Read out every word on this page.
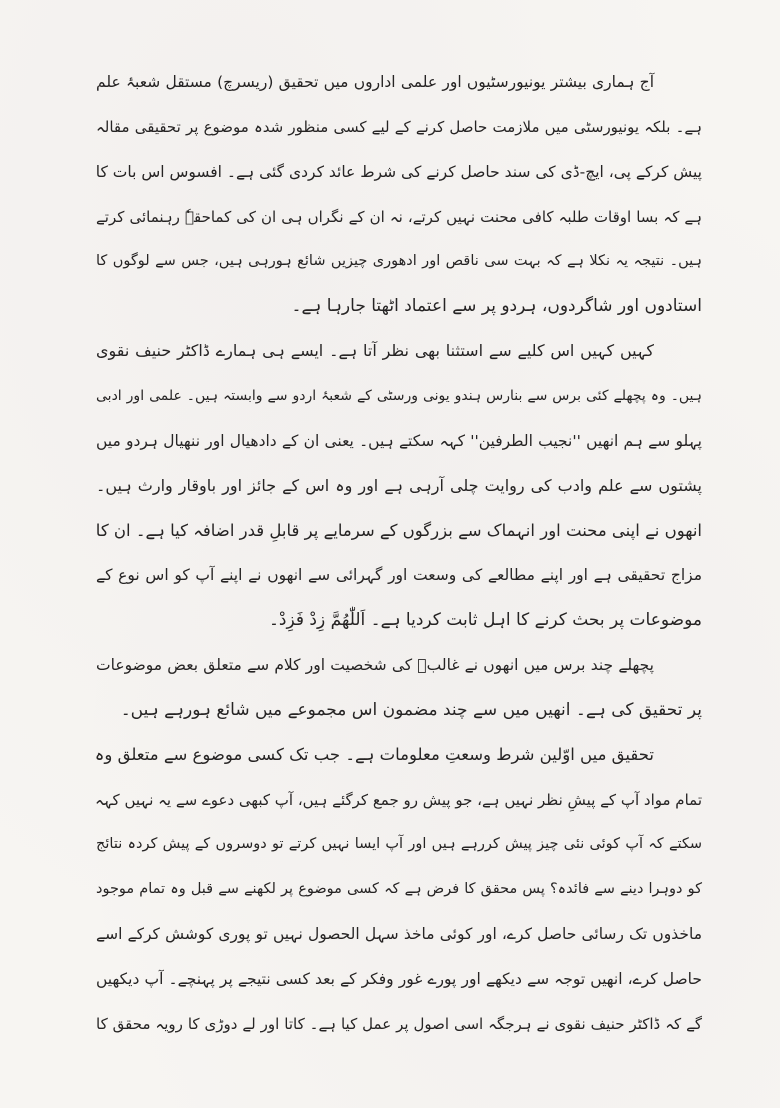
آج ہماری بیشتر یونیورسٹیوں اور علمی اداروں میں تحقیق (ریسرچ) مستقل شعبۂ علم
ہے۔ بلکہ یونیورسٹی میں ملازمت حاصل کرنے کے لیے کسی منظور شدہ موضوع پر تحقیقی مقالہ
پیش کرکے پی، ایچ-ڈی کی سند حاصل کرنے کی شرط عائد کردی گئی ہے۔ افسوس اس بات کا
ہے کہ بسا اوقات طلبہ کافی محنت نہیں کرتے، نہ ان کے نگراں ہی ان کی کماحقہٗ رہنمائی کرتے
ہیں۔ نتیجہ یہ نکلا ہے کہ بہت سی ناقص اور ادھوری چیزیں شائع ہورہی ہیں، جس سے لوگوں کا
استادوں اور شاگردوں، ہردو پر سے اعتماد اٹھتا جارہا ہے۔
کہیں کہیں اس کلیے سے استثنا بھی نظر آتا ہے۔ ایسے ہی ہمارے ڈاکٹر حنیف نقوی
ہیں۔ وہ پچھلے کئی برس سے بنارس ہندو یونی ورسٹی کے شعبۂ اردو سے وابستہ ہیں۔ علمی اور ادبی
پہلو سے ہم انھیں ''نجیب الطرفین'' کہہ سکتے ہیں۔ یعنی ان کے دادھیال اور ننھیال ہردو میں
پشتوں سے علم وادب کی روایت چلی آرہی ہے اور وہ اس کے جائز اور باوقار وارث ہیں۔
انھوں نے اپنی محنت اور انہماک سے بزرگوں کے سرمایے پر قابلِ قدر اضافہ کیا ہے۔ ان کا
مزاج تحقیقی ہے اور اپنے مطالعے کی وسعت اور گہرائی سے انھوں نے اپنے آپ کو اس نوع کے
موضوعات پر بحث کرنے کا اہل ثابت کردیا ہے۔ اَللّٰھُمَّ زِدْ فَزِدْ۔
پچھلے چند برس میں انھوں نے غالبؔ کی شخصیت اور کلام سے متعلق بعض موضوعات
پر تحقیق کی ہے۔ انھیں میں سے چند مضمون اس مجموعے میں شائع ہورہے ہیں۔
تحقیق میں اوّلین شرط وسعتِ معلومات ہے۔ جب تک کسی موضوع سے متعلق وہ
تمام مواد آپ کے پیشِ نظر نہیں ہے، جو پیش رو جمع کرگئے ہیں، آپ کبھی دعوے سے یہ نہیں کہہ
سکتے کہ آپ کوئی نئی چیز پیش کررہے ہیں اور آپ ایسا نہیں کرتے تو دوسروں کے پیش کردہ نتائج
کو دوہرا دینے سے فائدہ؟ پس محقق کا فرض ہے کہ کسی موضوع پر لکھنے سے قبل وہ تمام موجود
ماخذوں تک رسائی حاصل کرے، اور کوئی ماخذ سہل الحصول نہیں تو پوری کوشش کرکے اسے
حاصل کرے، انھیں توجہ سے دیکھے اور پورے غور وفکر کے بعد کسی نتیجے پر پہنچے۔ آپ دیکھیں
گے کہ ڈاکٹر حنیف نقوی نے ہرجگہ اسی اصول پر عمل کیا ہے۔ کاتا اور لے دوڑی کا رویہ محقق کا
